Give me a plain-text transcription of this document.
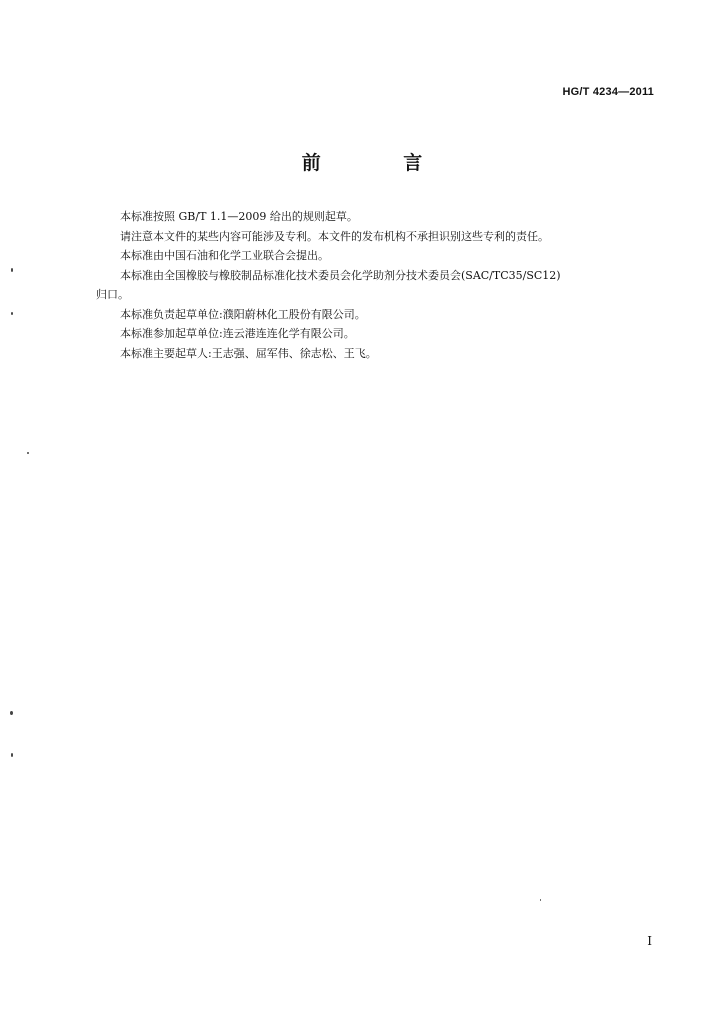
HG/T 4234—2011
前 言

本标准按照 GB/T 1.1—2009 给出的规则起草。

请注意本文件的某些内容可能涉及专利。本文件的发布机构不承担识别这些专利的责任。

本标准由中国石油和化学工业联合会提出。

本标准由全国橡胶与橡胶制品标准化技术委员会化学助剂分技术委员会(SAC/TC35/SC12)

归口。

本标准负责起草单位:濮阳蔚林化工股份有限公司。

本标准参加起草单位:连云港连连化学有限公司。

本标准主要起草人:王志强、屈军伟、徐志松、王飞。

I
